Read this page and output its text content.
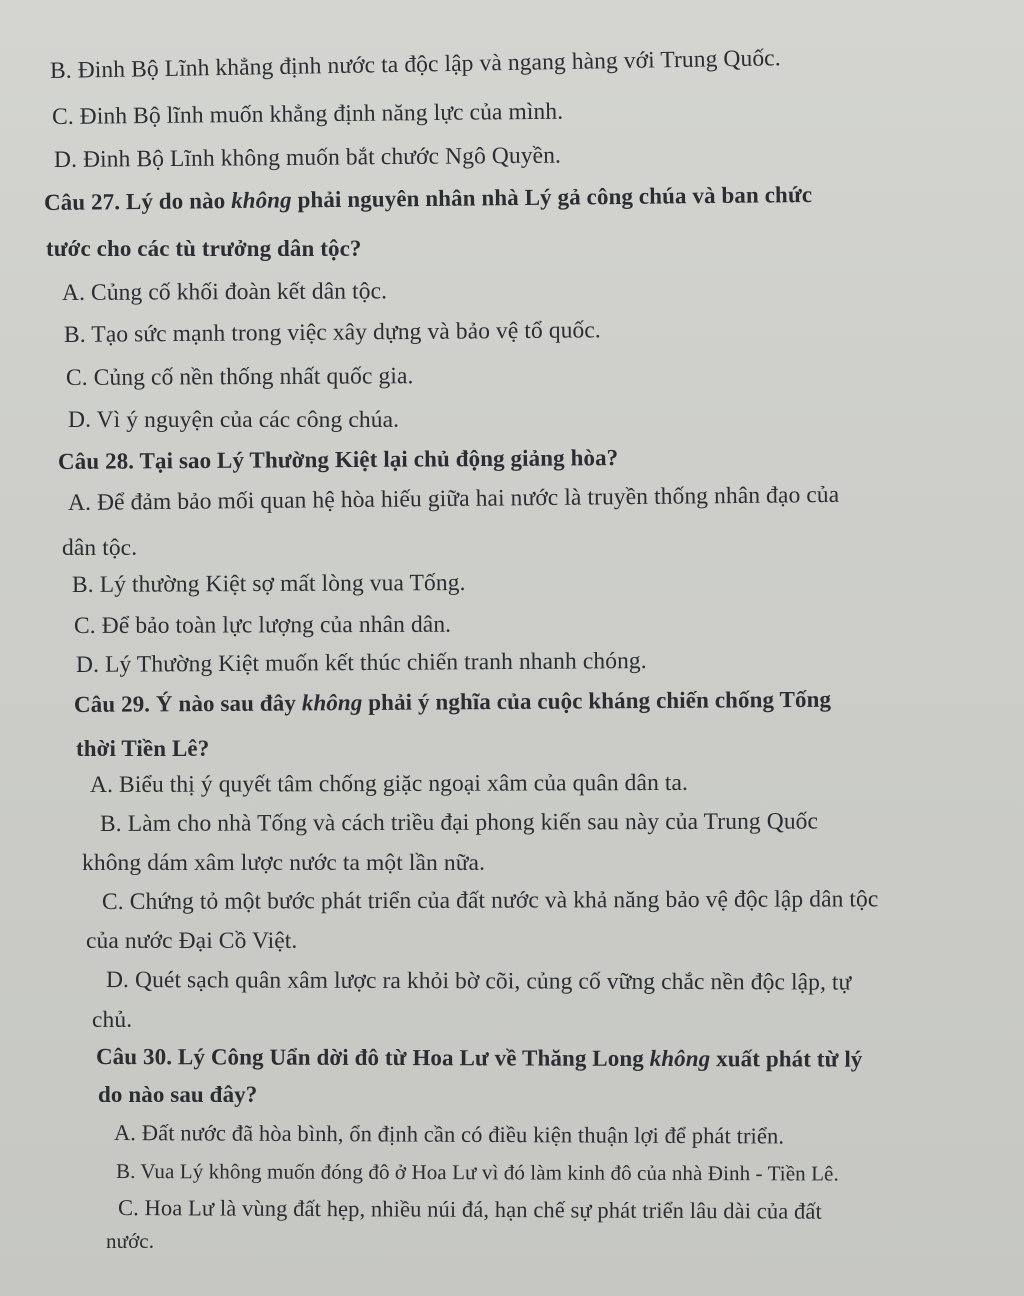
B. Đinh Bộ Lĩnh khẳng định nước ta độc lập và ngang hàng với Trung Quốc.
C. Đinh Bộ lĩnh muốn khẳng định năng lực của mình.
D. Đinh Bộ Lĩnh không muốn bắt chước Ngô Quyền.
Câu 27. Lý do nào không phải nguyên nhân nhà Lý gả công chúa và ban chức
tước cho các tù trưởng dân tộc?
A. Củng cố khối đoàn kết dân tộc.
B. Tạo sức mạnh trong việc xây dựng và bảo vệ tổ quốc.
C. Củng cố nền thống nhất quốc gia.
D. Vì ý nguyện của các công chúa.
Câu 28. Tại sao Lý Thường Kiệt lại chủ động giảng hòa?
A. Để đảm bảo mối quan hệ hòa hiếu giữa hai nước là truyền thống nhân đạo của
dân tộc.
B. Lý thường Kiệt sợ mất lòng vua Tống.
C. Để bảo toàn lực lượng của nhân dân.
D. Lý Thường Kiệt muốn kết thúc chiến tranh nhanh chóng.
Câu 29. Ý nào sau đây không phải ý nghĩa của cuộc kháng chiến chống Tống
thời Tiền Lê?
A. Biểu thị ý quyết tâm chống giặc ngoại xâm của quân dân ta.
B. Làm cho nhà Tống và cách triều đại phong kiến sau này của Trung Quốc
không dám xâm lược nước ta một lần nữa.
C. Chứng tỏ một bước phát triển của đất nước và khả năng bảo vệ độc lập dân tộc
của nước Đại Cồ Việt.
D. Quét sạch quân xâm lược ra khỏi bờ cõi, củng cố vững chắc nền độc lập, tự
chủ.
Câu 30. Lý Công Uẩn dời đô từ Hoa Lư về Thăng Long không xuất phát từ lý
do nào sau đây?
A. Đất nước đã hòa bình, ổn định cần có điều kiện thuận lợi để phát triển.
B. Vua Lý không muốn đóng đô ở Hoa Lư vì đó làm kinh đô của nhà Đinh - Tiền Lê.
C. Hoa Lư là vùng đất hẹp, nhiều núi đá, hạn chế sự phát triển lâu dài của đất
nước.
